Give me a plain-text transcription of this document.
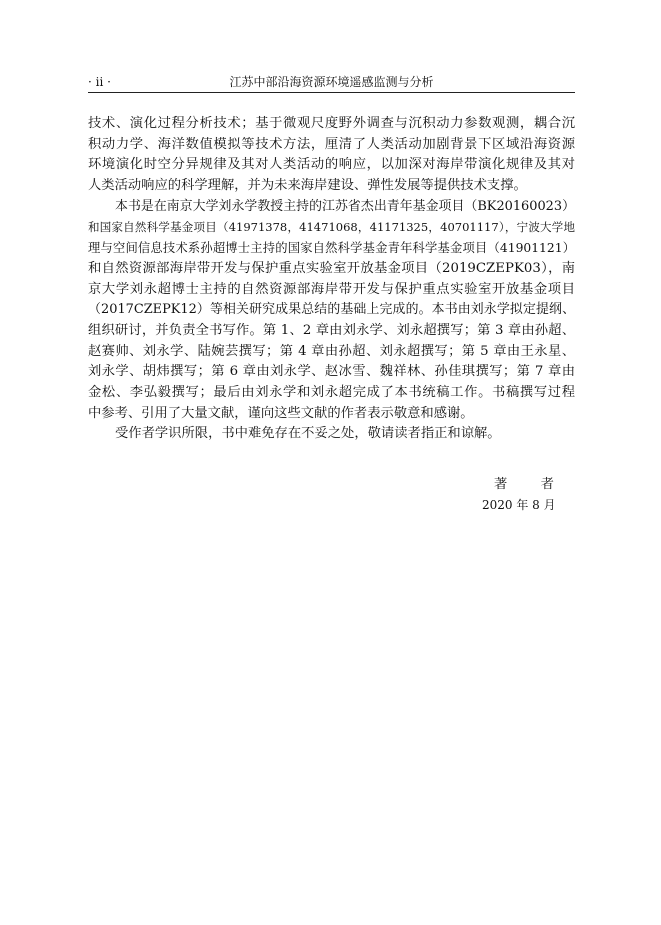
· ii ·	江苏中部沿海资源环境遥感监测与分析
技术、演化过程分析技术；基于微观尺度野外调查与沉积动力参数观测，耦合沉
积动力学、海洋数值模拟等技术方法，厘清了人类活动加剧背景下区域沿海资源
环境演化时空分异规律及其对人类活动的响应，以加深对海岸带演化规律及其对
人类活动响应的科学理解，并为未来海岸建设、弹性发展等提供技术支撑。
本书是在南京大学刘永学教授主持的江苏省杰出青年基金项目（BK20160023）
和国家自然科学基金项目（41971378，41471068，41171325，40701117），宁波大学地
理与空间信息技术系孙超博士主持的国家自然科学基金青年科学基金项目（41901121）
和自然资源部海岸带开发与保护重点实验室开放基金项目（2019CZEPK03），南
京大学刘永超博士主持的自然资源部海岸带开发与保护重点实验室开放基金项目
（2017CZEPK12）等相关研究成果总结的基础上完成的。本书由刘永学拟定提纲、
组织研讨，并负责全书写作。第 1、2 章由刘永学、刘永超撰写；第 3 章由孙超、
赵赛帅、刘永学、陆婉芸撰写；第 4 章由孙超、刘永超撰写；第 5 章由王永星、
刘永学、胡炜撰写；第 6 章由刘永学、赵冰雪、魏祥林、孙佳琪撰写；第 7 章由
金松、李弘毅撰写；最后由刘永学和刘永超完成了本书统稿工作。书稿撰写过程
中参考、引用了大量文献，谨向这些文献的作者表示敬意和感谢。
受作者学识所限，书中难免存在不妥之处，敬请读者指正和谅解。
著　者
2020 年 8 月
